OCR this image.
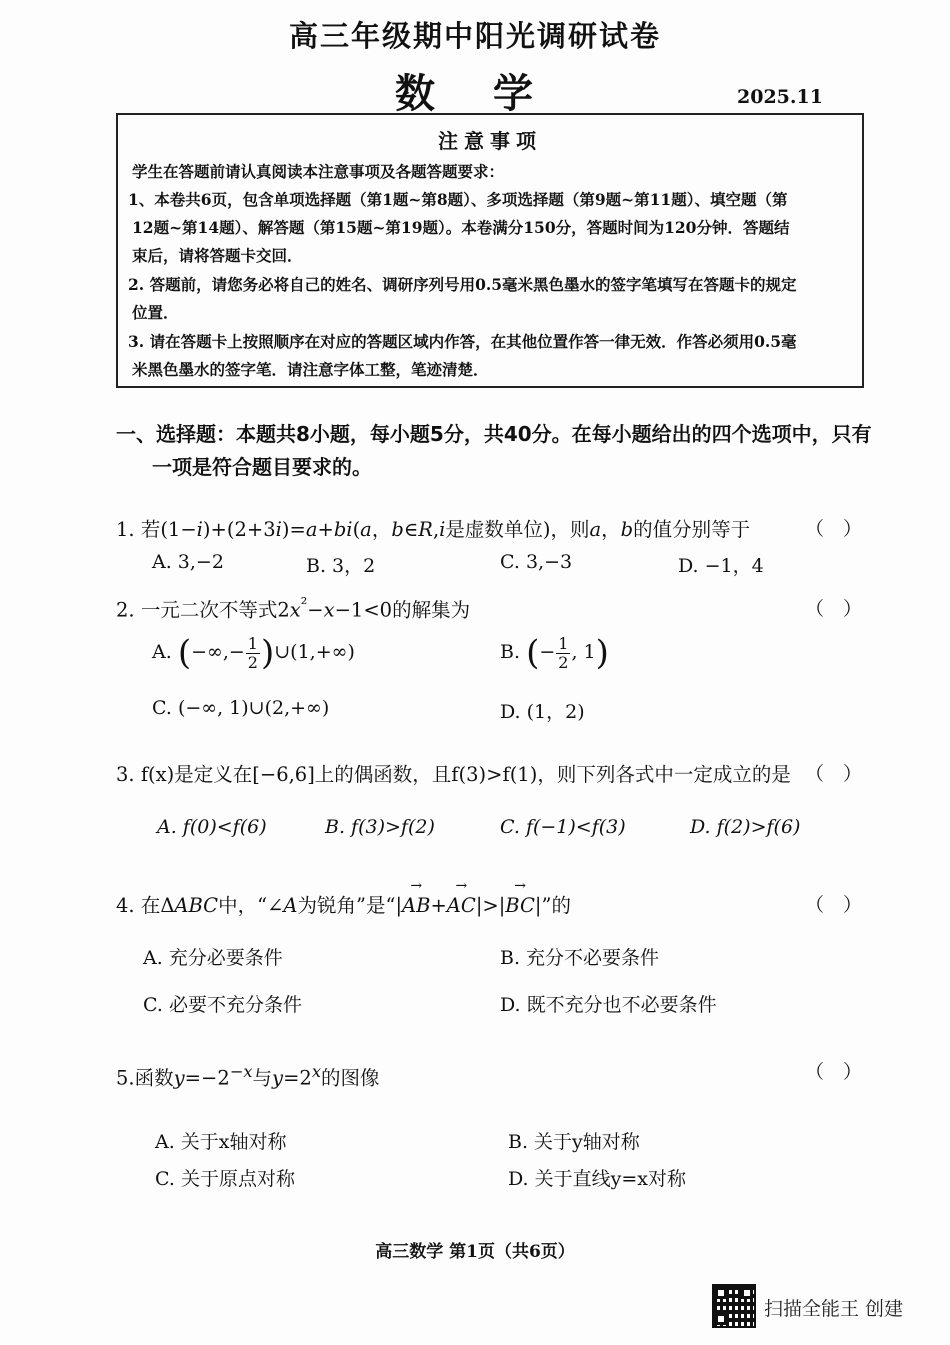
高三年级期中阳光调研试卷
数 学	2025.11
注意事项
学生在答题前请认真阅读本注意事项及各题答题要求：
1、本卷共6页，包含单项选择题（第1题~第8题）、多项选择题（第9题~第11题）、填空题（第
12题~第14题）、解答题（第15题~第19题）。本卷满分150分，答题时间为120分钟．答题结
束后，请将答题卡交回．
2. 答题前，请您务必将自己的姓名、调研序列号用0.5毫米黑色墨水的签字笔填写在答题卡的规定
位置．
3. 请在答题卡上按照顺序在对应的答题区域内作答，在其他位置作答一律无效．作答必须用0.5毫
米黑色墨水的签字笔．请注意字体工整，笔迹清楚．
一、选择题：本题共8小题，每小题5分，共40分。在每小题给出的四个选项中，只有
一项是符合题目要求的。
1. 若(1−i)+(2+3i)=a+bi(a，b∈R,i是虚数单位)，则a，b的值分别等于	（　）
A. 3,−2	B. 3，2	C. 3,−3	D. −1，4
2. 一元二次不等式$2x^{^2}-x-1<0$的解集为	（　）
A. (−∞,− $\frac{1}{2}$ )∪(1,+∞)	B. (− $\frac{1}{2}$ , 1)
C. (−∞, 1)∪(2,+∞)	D. (1，2)
3. f(x)是定义在[−6,6]上的偶函数，且f(3)>f(1)，则下列各式中一定成立的是 （　）
A. f(0)<f(6)	B. f(3)>f(2)	C. f(−1)<f(3)	D. f(2)>f(6)
4. 在ΔABC中，“∠A为锐角”是“|→ AB+→ AC|>|→ BC|”的	（　）
A. 充分必要条件	B. 充分不必要条件
C. 必要不充分条件	D. 既不充分也不必要条件
5.函数$y=-2^{-x}$与$y=2^x$的图像	（　）
A. 关于x轴对称	B. 关于y轴对称
C. 关于原点对称	D. 关于直线y=x对称
高三数学 第1页（共6页）
扫描全能王 创建
